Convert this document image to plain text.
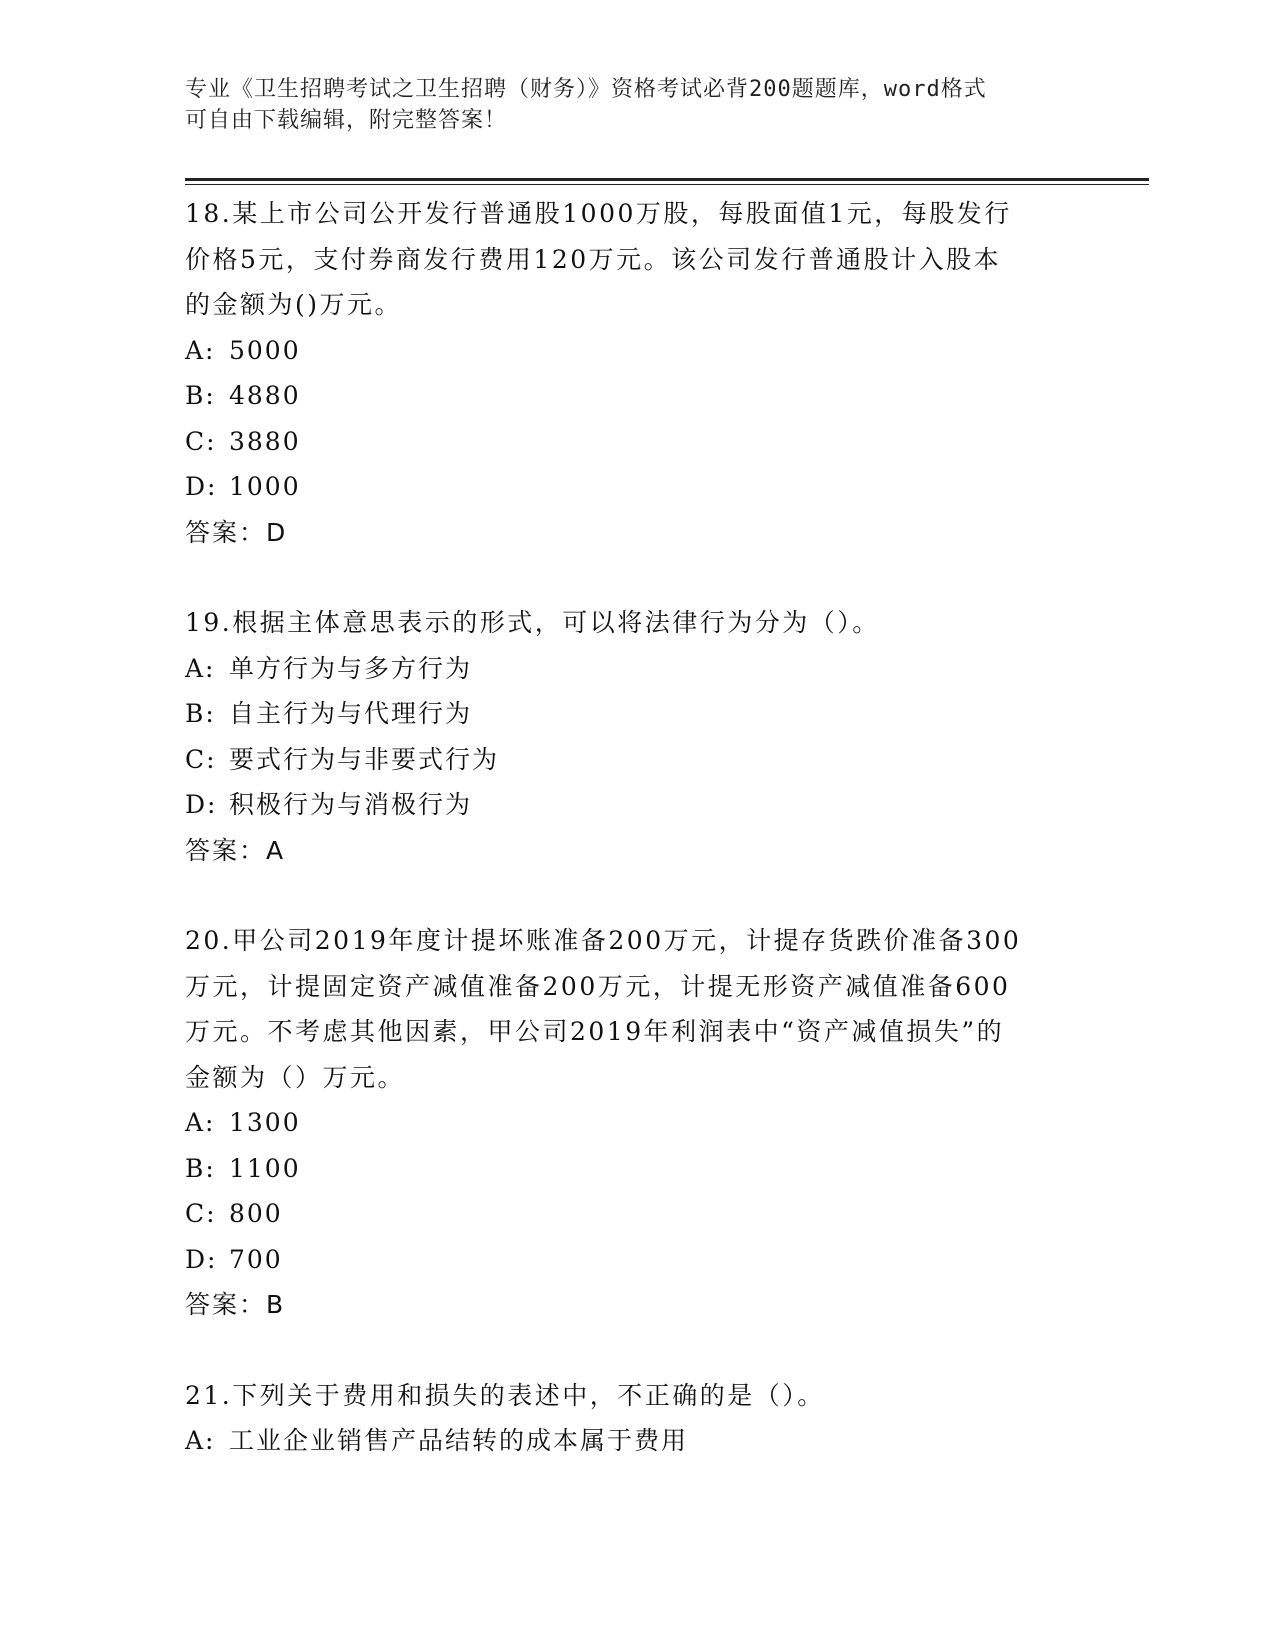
专业《卫生招聘考试之卫生招聘（财务）》资格考试必背200题题库，word格式
可自由下载编辑，附完整答案！
18.某上市公司公开发行普通股1000万股，每股面值1元，每股发行
价格5元，支付券商发行费用120万元。该公司发行普通股计入股本
的金额为()万元。
A: 5000
B: 4880
C: 3880
D: 1000
答案：D
19.根据主体意思表示的形式，可以将法律行为分为（）。
A: 单方行为与多方行为
B: 自主行为与代理行为
C: 要式行为与非要式行为
D: 积极行为与消极行为
答案：A
20.甲公司2019年度计提坏账准备200万元，计提存货跌价准备300
万元，计提固定资产减值准备200万元，计提无形资产减值准备600
万元。不考虑其他因素，甲公司2019年利润表中“资产减值损失”的
金额为（）万元。
A: 1300
B: 1100
C: 800
D: 700
答案：B
21.下列关于费用和损失的表述中，不正确的是（）。
A: 工业企业销售产品结转的成本属于费用
